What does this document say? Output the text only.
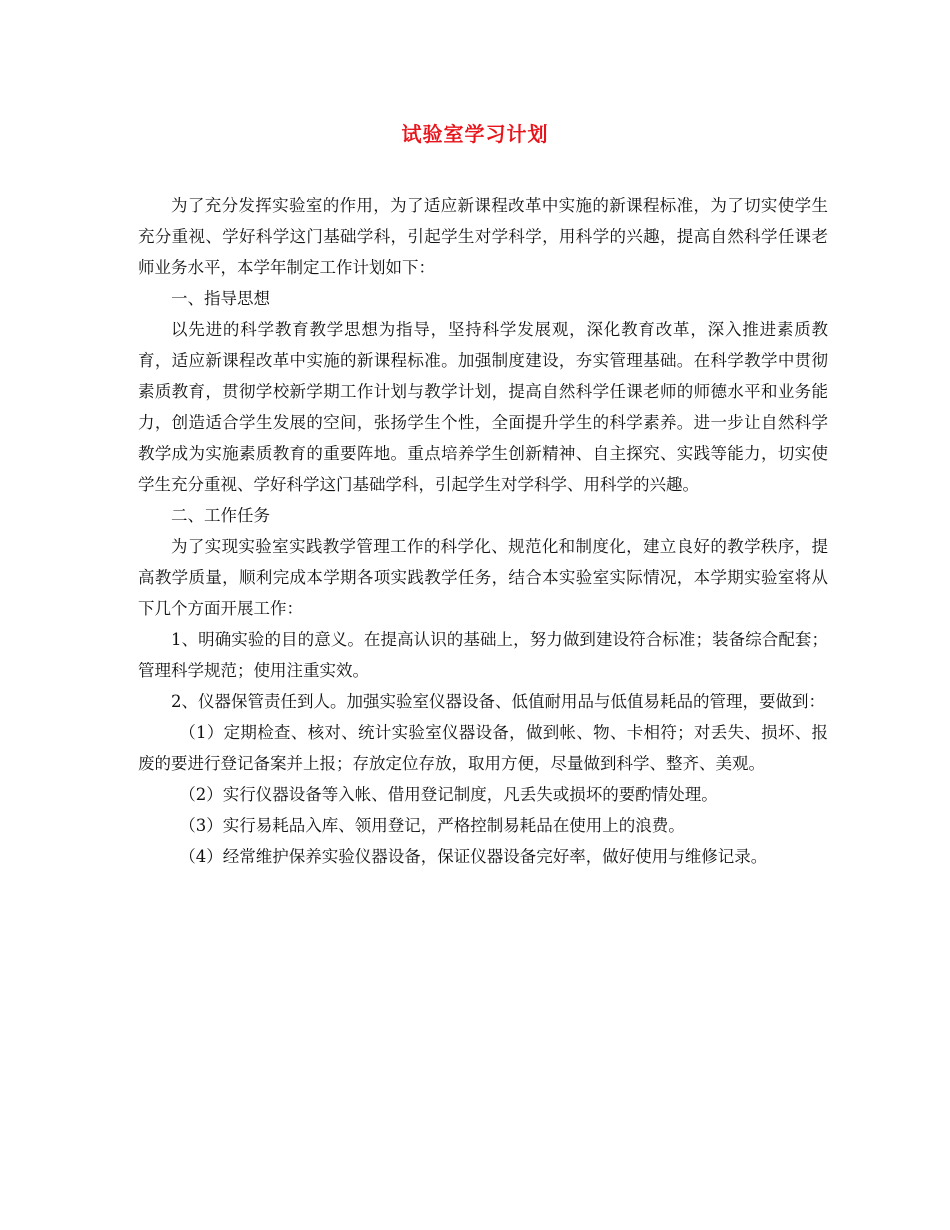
试验室学习计划

为了充分发挥实验室的作用，为了适应新课程改革中实施的新课程标准，为了切实使学生充分重视、学好科学这门基础学科，引起学生对学科学，用科学的兴趣，提高自然科学任课老师业务水平，本学年制定工作计划如下：

一、指导思想

以先进的科学教育教学思想为指导，坚持科学发展观，深化教育改革，深入推进素质教育，适应新课程改革中实施的新课程标准。加强制度建设，夯实管理基础。在科学教学中贯彻素质教育，贯彻学校新学期工作计划与教学计划，提高自然科学任课老师的师德水平和业务能力，创造适合学生发展的空间，张扬学生个性，全面提升学生的科学素养。进一步让自然科学教学成为实施素质教育的重要阵地。重点培养学生创新精神、自主探究、实践等能力，切实使学生充分重视、学好科学这门基础学科，引起学生对学科学、用科学的兴趣。

二、工作任务

为了实现实验室实践教学管理工作的科学化、规范化和制度化，建立良好的教学秩序，提高教学质量，顺利完成本学期各项实践教学任务，结合本实验室实际情况，本学期实验室将从下几个方面开展工作：

1、明确实验的目的意义。在提高认识的基础上，努力做到建设符合标准；装备综合配套；管理科学规范；使用注重实效。

2、仪器保管责任到人。加强实验室仪器设备、低值耐用品与低值易耗品的管理，要做到：

（1）定期检查、核对、统计实验室仪器设备，做到帐、物、卡相符；对丢失、损坏、报废的要进行登记备案并上报；存放定位存放，取用方便，尽量做到科学、整齐、美观。

（2）实行仪器设备等入帐、借用登记制度，凡丢失或损坏的要酌情处理。

（3）实行易耗品入库、领用登记，严格控制易耗品在使用上的浪费。

（4）经常维护保养实验仪器设备，保证仪器设备完好率，做好使用与维修记录。
